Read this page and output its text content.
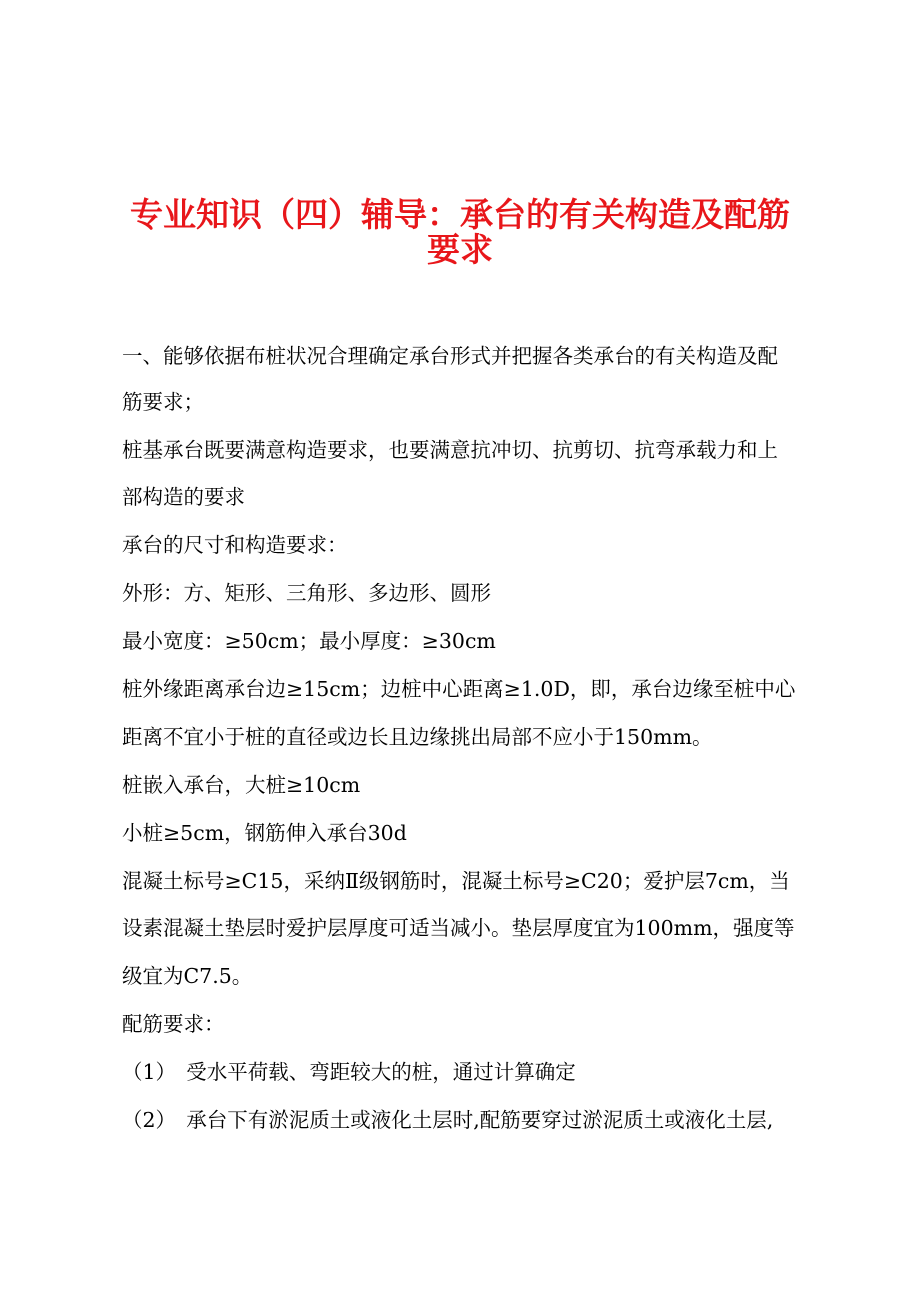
专业知识（四）辅导：承台的有关构造及配筋
要求
一、能够依据布桩状况合理确定承台形式并把握各类承台的有关构造及配
筋要求；
桩基承台既要满意构造要求，也要满意抗冲切、抗剪切、抗弯承载力和上
部构造的要求
承台的尺寸和构造要求：
外形：方、矩形、三角形、多边形、圆形
最小宽度：≥50cm；最小厚度：≥30cm
桩外缘距离承台边≥15cm；边桩中心距离≥1.0D，即，承台边缘至桩中心
距离不宜小于桩的直径或边长且边缘挑出局部不应小于150mm。
桩嵌入承台，大桩≥10cm
小桩≥5cm，钢筋伸入承台30d
混凝土标号≥C15，采纳Ⅱ级钢筋时，混凝土标号≥C20；爱护层7cm，当
设素混凝土垫层时爱护层厚度可适当减小。垫层厚度宜为100mm，强度等
级宜为C7.5。
配筋要求：
（1）　受水平荷载、弯距较大的桩，通过计算确定
（2）　承台下有淤泥质土或液化土层时,配筋要穿过淤泥质土或液化土层,
